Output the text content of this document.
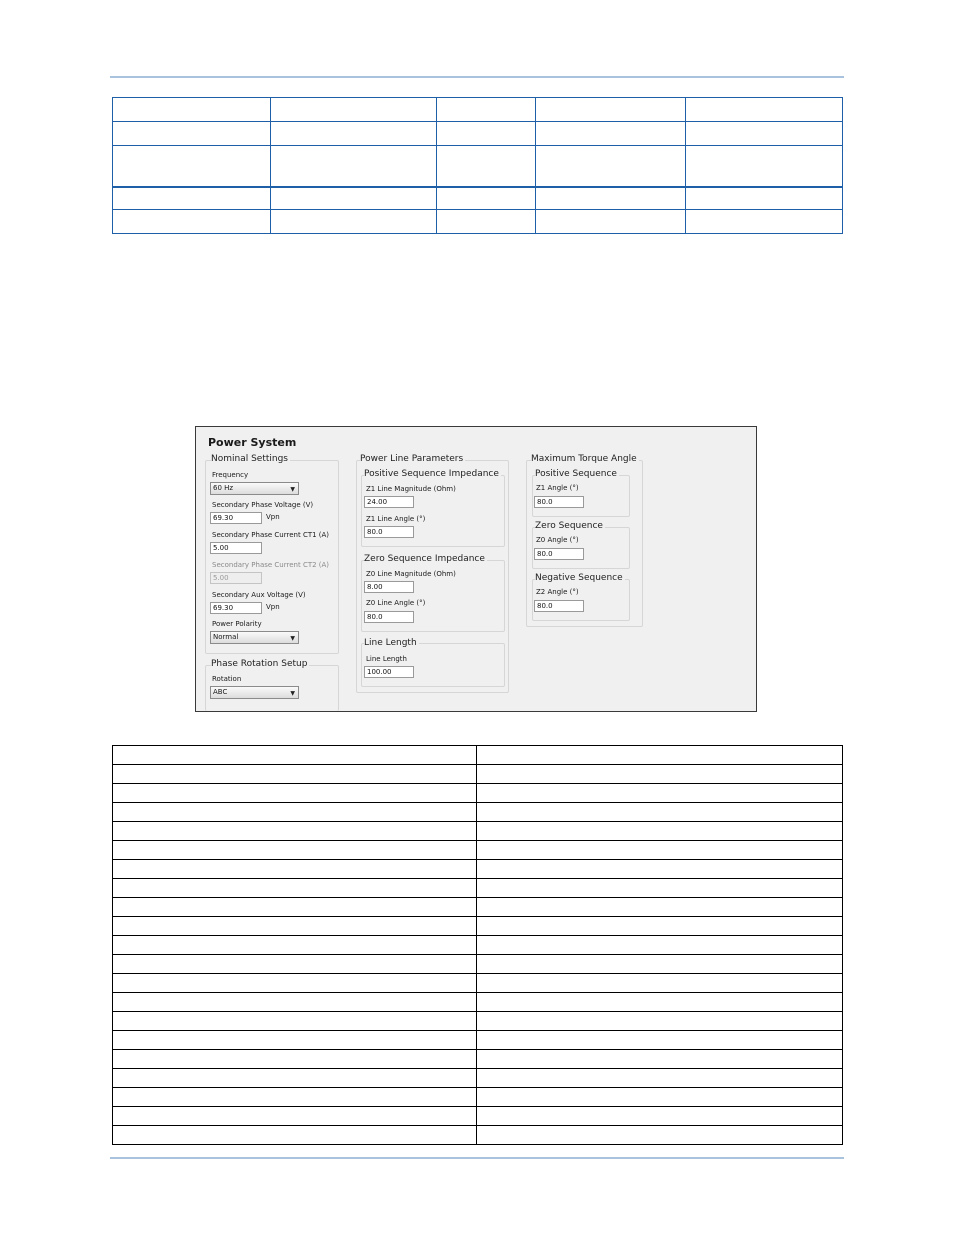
Power System
Nominal Settings
Frequency
60 Hz	▼
Secondary Phase Voltage (V)
69.30	Vpn
Secondary Phase Current CT1 (A)
5.00
Secondary Phase Current CT2 (A)
5.00
Secondary Aux Voltage (V)
69.30	Vpn
Power Polarity
Normal	▼
Phase Rotation Setup
Rotation
ABC	▼
Power Line Parameters
Positive Sequence Impedance
Z1 Line Magnitude (Ohm)
24.00
Z1 Line Angle (°)
80.0
Zero Sequence Impedance
Z0 Line Magnitude (Ohm)
8.00
Z0 Line Angle (°)
80.0
Line Length
Line Length
100.00
Maximum Torque Angle
Positive Sequence
Z1 Angle (°)
80.0
Zero Sequence
Z0 Angle (°)
80.0
Negative Sequence
Z2 Angle (°)
80.0
